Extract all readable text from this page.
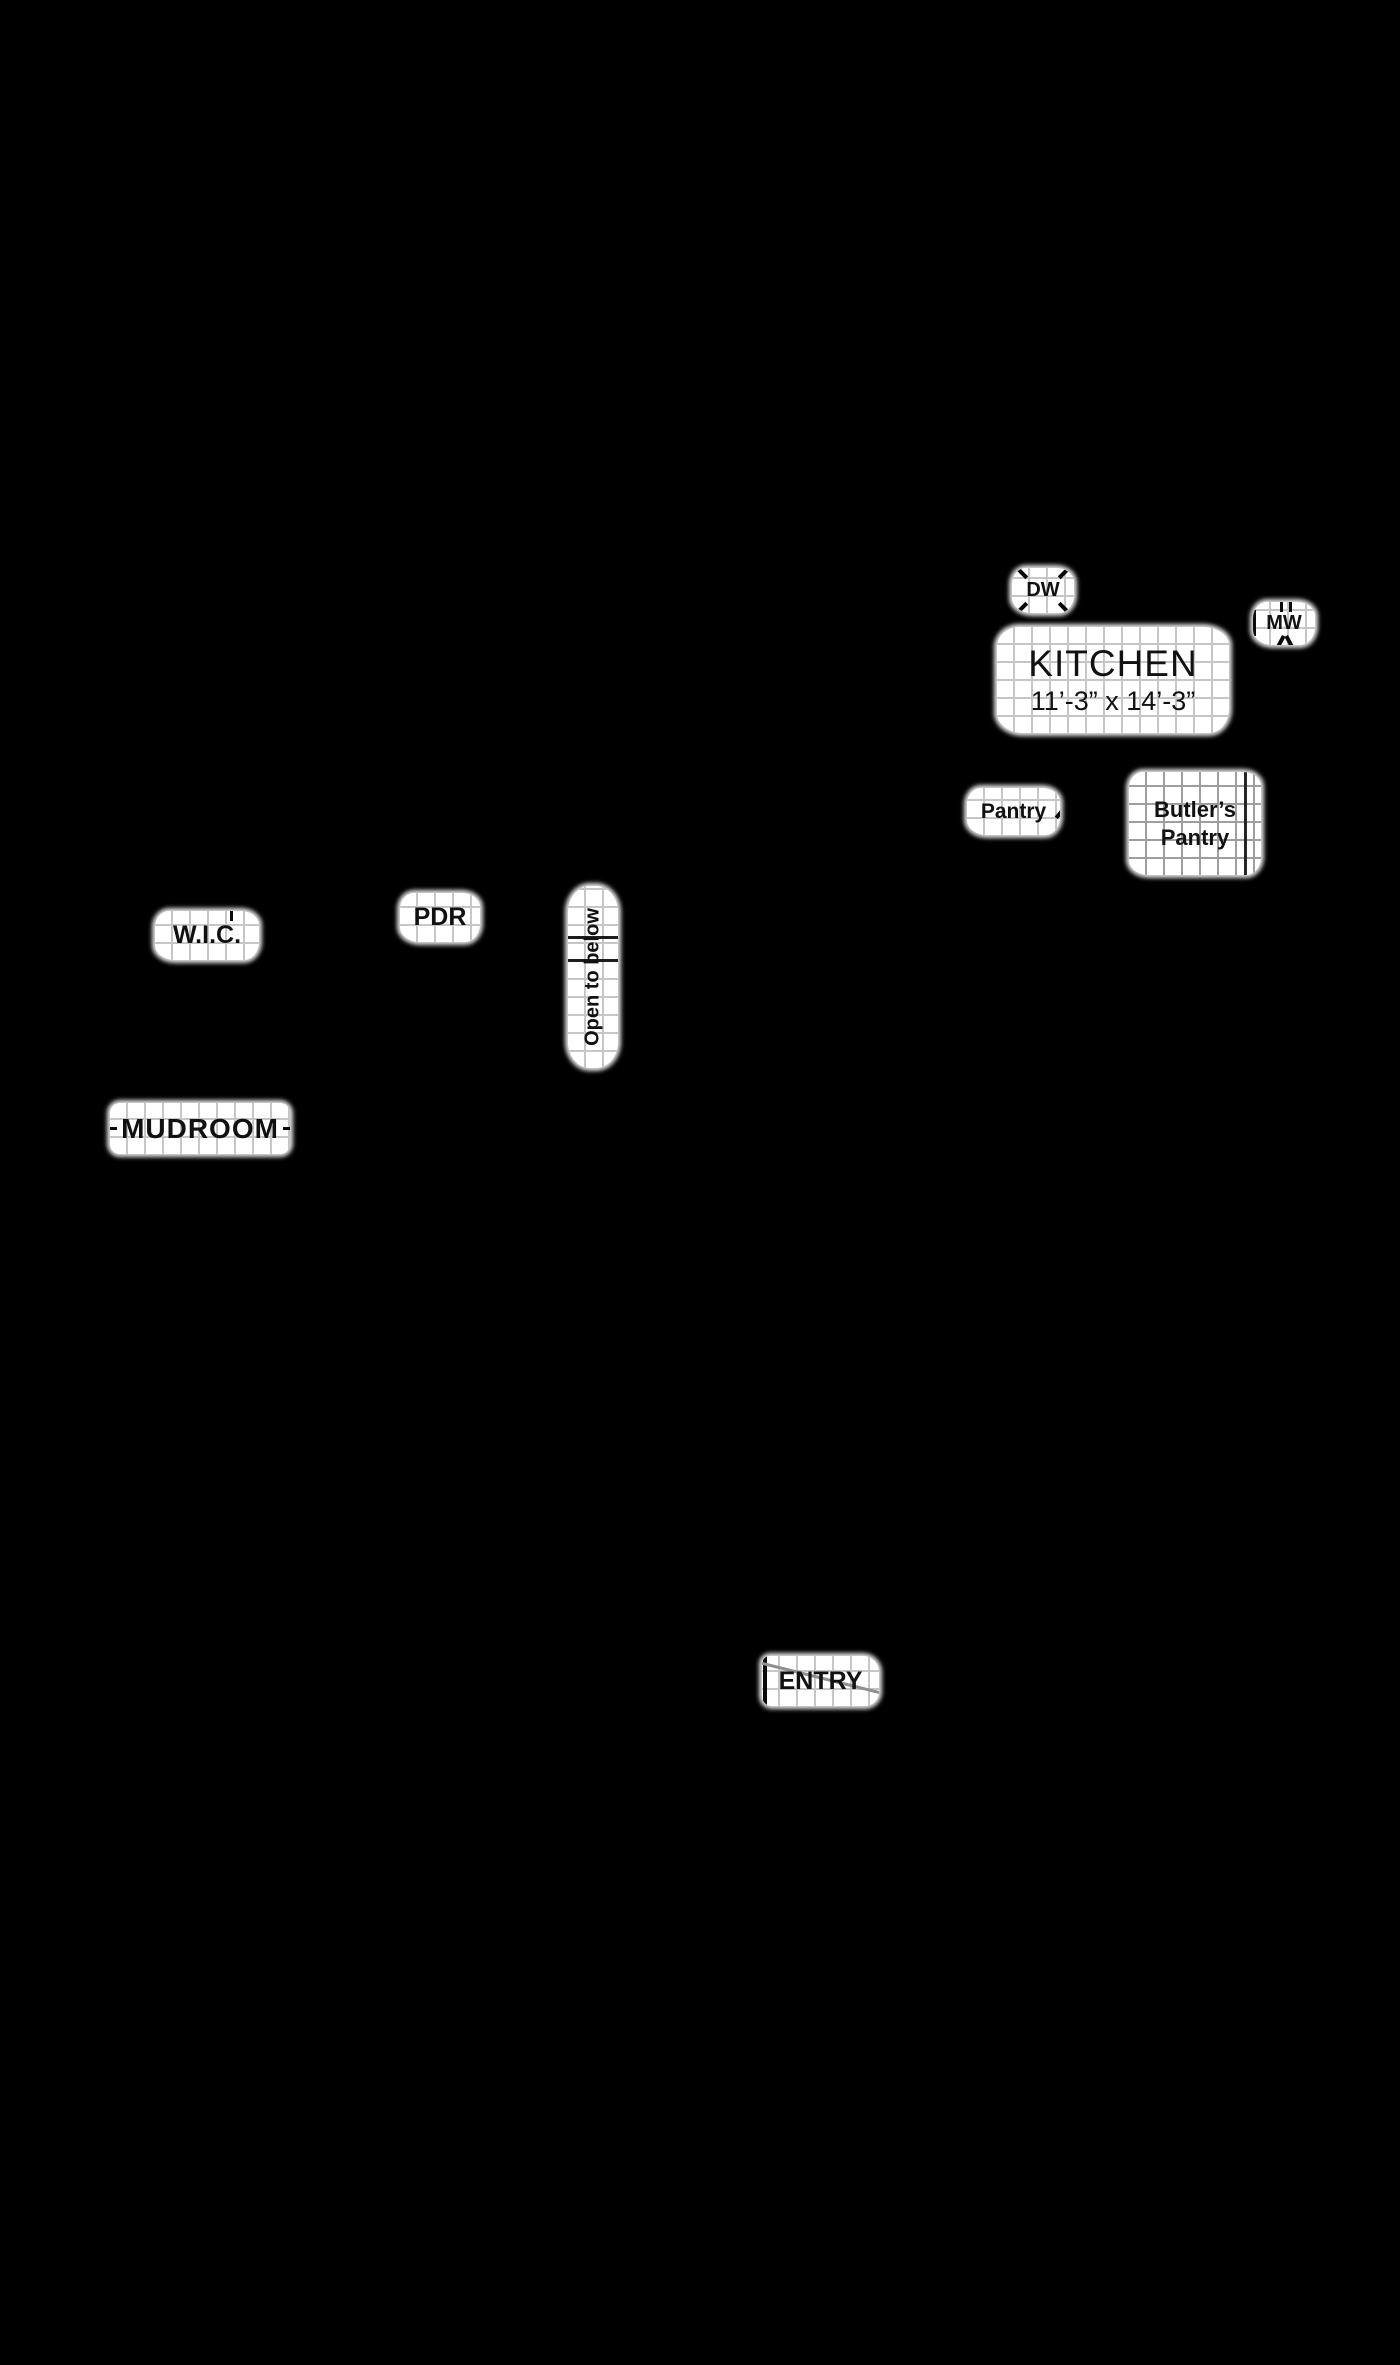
DW
MW
KITCHEN
11’-3” x 14’-3”
Pantry	Butler’s
Pantry
W.I.C.
PDR	Open to below
MUDROOM
ENTRY
